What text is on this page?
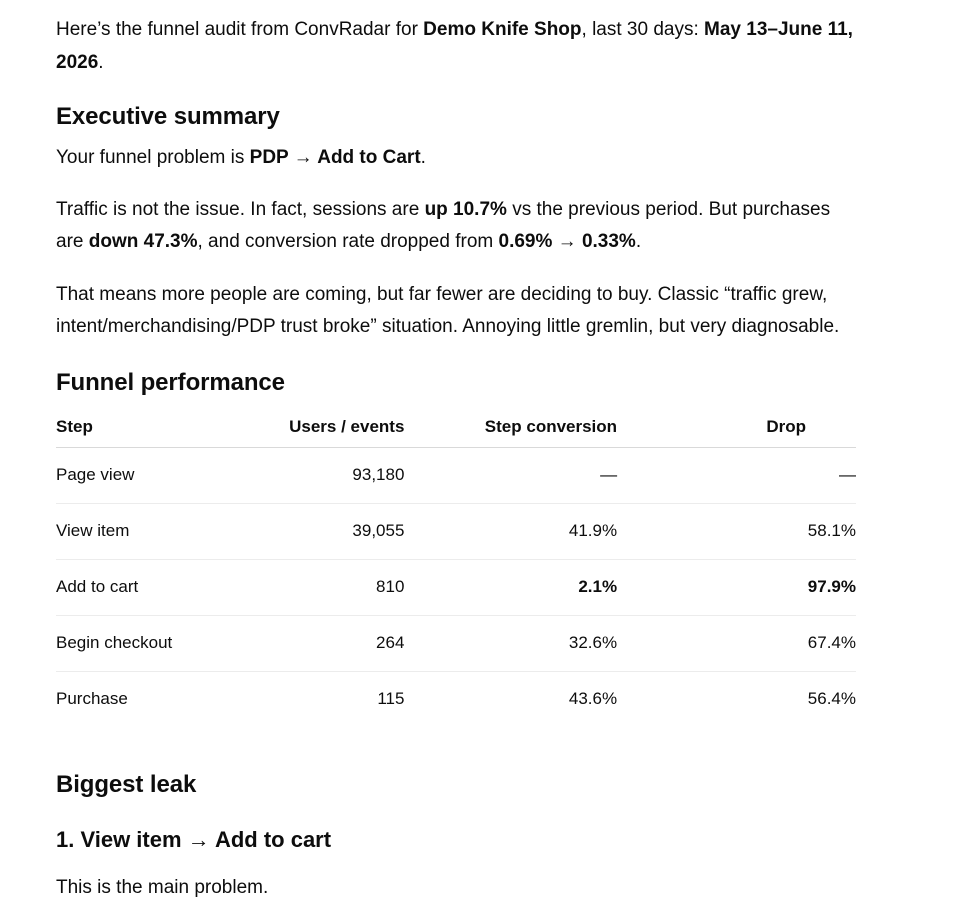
Here’s the funnel audit from ConvRadar for Demo Knife Shop, last 30 days: May 13–June 11, 2026.

Executive summary

Your funnel problem is PDP → Add to Cart.

Traffic is not the issue. In fact, sessions are up 10.7% vs the previous period. But purchases are down 47.3%, and conversion rate dropped from 0.69% → 0.33%.

That means more people are coming, but far fewer are deciding to buy. Classic “traffic grew, intent/merchandising/PDP trust broke” situation. Annoying little gremlin, but very diagnosable.

Funnel performance
Step	Users / events	Step conversion	Drop
Page view	93,180	—	—
View item	39,055	41.9%	58.1%
Add to cart	810	2.1%	97.9%
Begin checkout	264	32.6%	67.4%
Purchase	115	43.6%	56.4%
Biggest leak
1. View item → Add to cart

This is the main problem.
